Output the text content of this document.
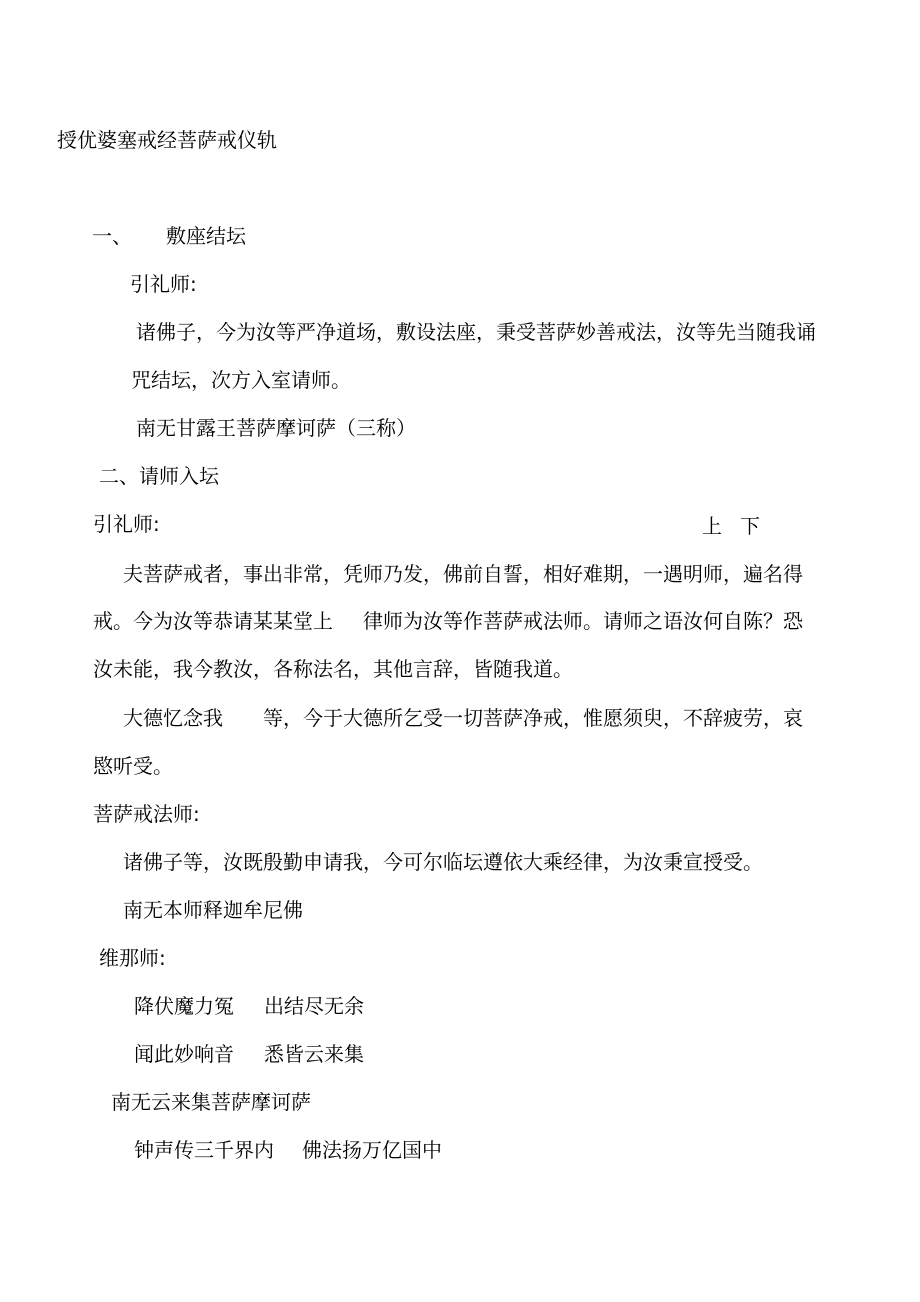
授优婆塞戒经菩萨戒仪轨
一、 敷座结坛
引礼师:
诸佛子，今为汝等严净道场，敷设法座，秉受菩萨妙善戒法，汝等先当随我诵
咒结坛，次方入室请师。
南无甘露王菩萨摩诃萨（三称）
二、请师入坛
引礼师:	上 下
夫菩萨戒者，事出非常，凭师乃发，佛前自誓，相好难期，一遇明师，遍名得
戒。今为汝等恭请某某堂上 律师为汝等作菩萨戒法师。请师之语汝何自陈？恐
汝未能，我今教汝，各称法名，其他言辞，皆随我道。
大德忆念我 等，今于大德所乞受一切菩萨净戒，惟愿须臾，不辞疲劳，哀
愍听受。
菩萨戒法师:
诸佛子等，汝既殷勤申请我，今可尔临坛遵依大乘经律，为汝秉宣授受。
南无本师释迦牟尼佛
维那师:
降伏魔力冤 出结尽无余
闻此妙响音 悉皆云来集
南无云来集菩萨摩诃萨
钟声传三千界内 佛法扬万亿国中
